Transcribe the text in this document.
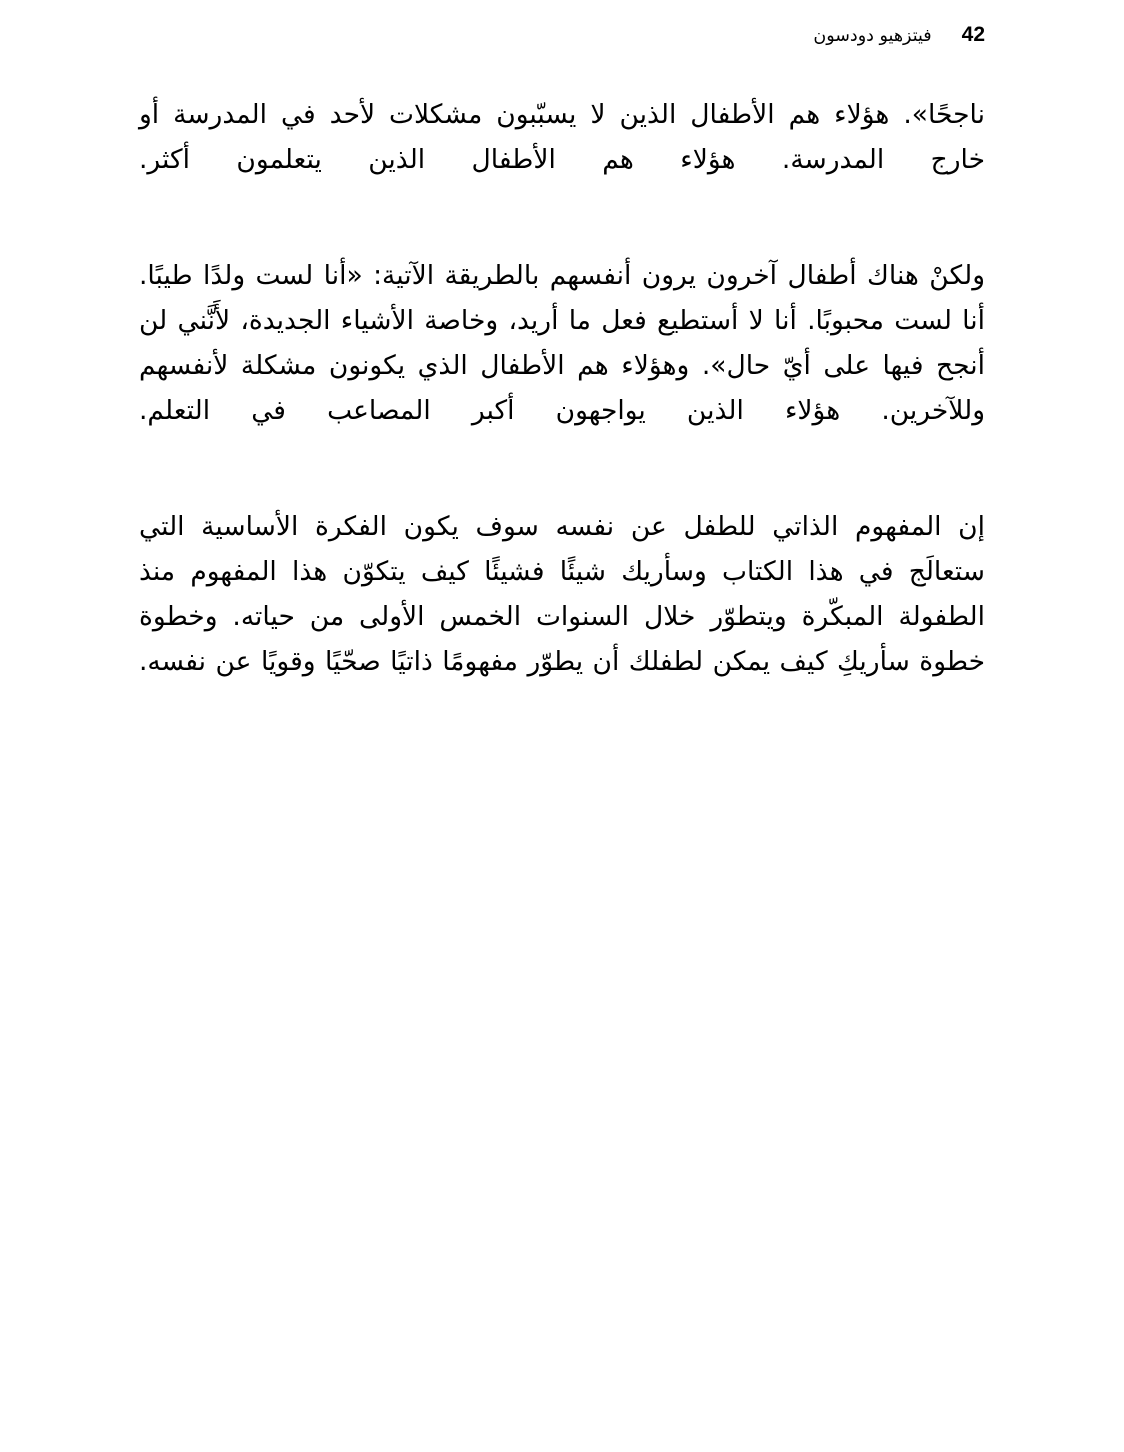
42
فيتزهيو دودسون

ناجحًا». هؤلاء هم الأطفال الذين لا يسبّبون مشكلات لأحد في المدرسة أو خارج المدرسة. هؤلاء هم الأطفال الذين يتعلمون أكثر.

ولكنْ هناك أطفال آخرون يرون أنفسهم بالطريقة الآتية: «أنا لست ولدًا طيبًا. أنا لست محبوبًا. أنا لا أستطيع فعل ما أريد، وخاصة الأشياء الجديدة، لأَنَّني لن أنجح فيها على أيّ حال». وهؤلاء هم الأطفال الذي يكونون مشكلة لأنفسهم وللآخرين. هؤلاء الذين يواجهون أكبر المصاعب في التعلم.

إن المفهوم الذاتي للطفل عن نفسه سوف يكون الفكرة الأساسية التي ستعالَج في هذا الكتاب وسأريك شيئًا فشيئًا كيف يتكوّن هذا المفهوم منذ الطفولة المبكّرة ويتطوّر خلال السنوات الخمس الأولى من حياته. وخطوة خطوة سأريكِ كيف يمكن لطفلك أن يطوّر مفهومًا ذاتيًا صحّيًا وقويًا عن نفسه.
